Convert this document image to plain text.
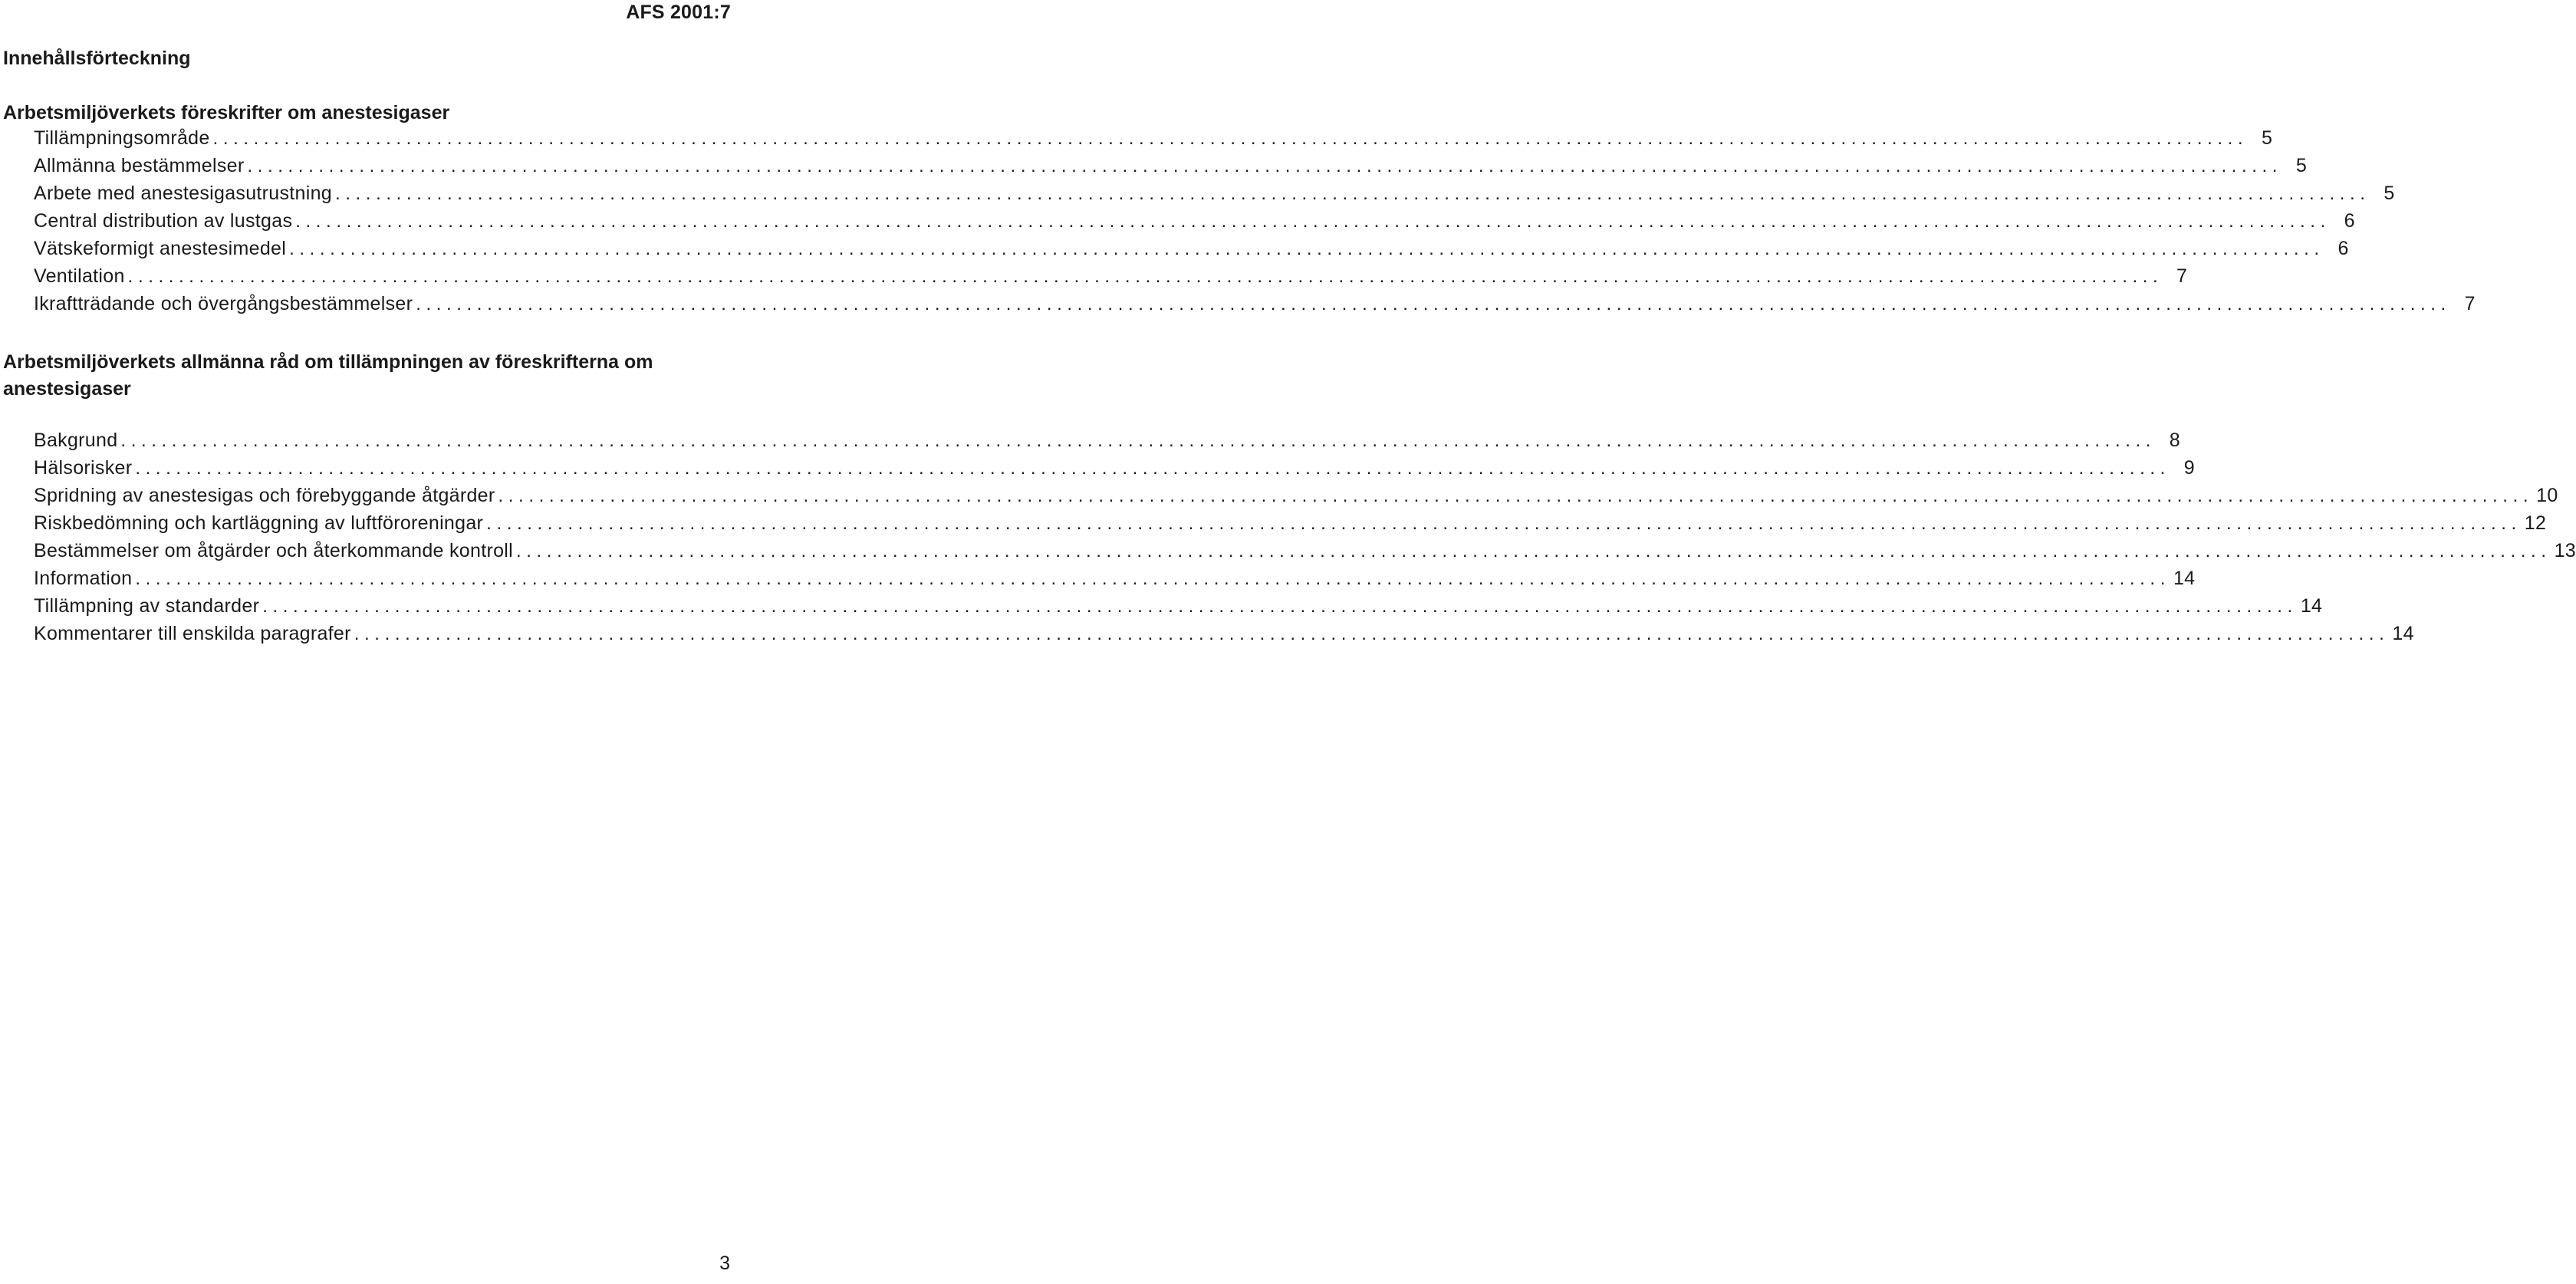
AFS 2001:7
Innehållsförteckning
Arbetsmiljöverkets föreskrifter om anestesigaser
Tillämpningsområde ........................................................................................................................................................................................................ 5
Allmänna bestämmelser ........................................................................................................................................................................................................ 5
Arbete med anestesigasutrustning ........................................................................................................................................................................................................ 5
Central distribution av lustgas ........................................................................................................................................................................................................ 6
Vätskeformigt anestesimedel ........................................................................................................................................................................................................ 6
Ventilation ........................................................................................................................................................................................................ 7
Ikraftträdande och övergångsbestämmelser ........................................................................................................................................................................................................ 7
Arbetsmiljöverkets allmänna råd om tillämpningen av föreskrifterna om anestesigaser
Bakgrund ........................................................................................................................................................................................................ 8
Hälsorisker ........................................................................................................................................................................................................ 9
Spridning av anestesigas och förebyggande åtgärder ........................................................................................................................................................................................................ 10
Riskbedömning och kartläggning av luftföroreningar ........................................................................................................................................................................................................ 12
Bestämmelser om åtgärder och återkommande kontroll ........................................................................................................................................................................................................ 13
Information ........................................................................................................................................................................................................ 14
Tillämpning av standarder ........................................................................................................................................................................................................ 14
Kommentarer till enskilda paragrafer ........................................................................................................................................................................................................ 14
3
